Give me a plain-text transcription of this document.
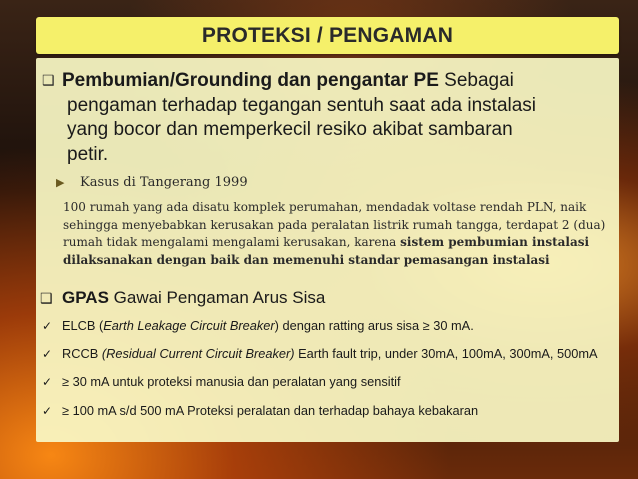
PROTEKSI / PENGAMAN
❑ Pembumian/Grounding dan pengantar PE Sebagai
pengaman terhadap tegangan sentuh saat ada instalasi
yang bocor dan memperkecil resiko akibat sambaran
petir.
▶ Kasus di Tangerang 1999
100 rumah yang ada disatu komplek perumahan, mendadak voltase rendah PLN, naik sehingga menyebabkan kerusakan pada peralatan listrik rumah tangga, terdapat 2 (dua) rumah tidak mengalami mengalami kerusakan, karena sistem pembumian instalasi dilaksanakan dengan baik dan memenuhi standar pemasangan instalasi
❑ GPAS Gawai Pengaman Arus Sisa
✓ ELCB (Earth Leakage Circuit Breaker) dengan ratting arus sisa ≥ 30 mA.
✓ RCCB (Residual Current Circuit Breaker) Earth fault trip, under 30mA, 100mA, 300mA, 500mA
✓ ≥ 30 mA untuk proteksi manusia dan peralatan yang sensitif
✓ ≥ 100 mA s/d 500 mA Proteksi peralatan dan terhadap bahaya kebakaran
